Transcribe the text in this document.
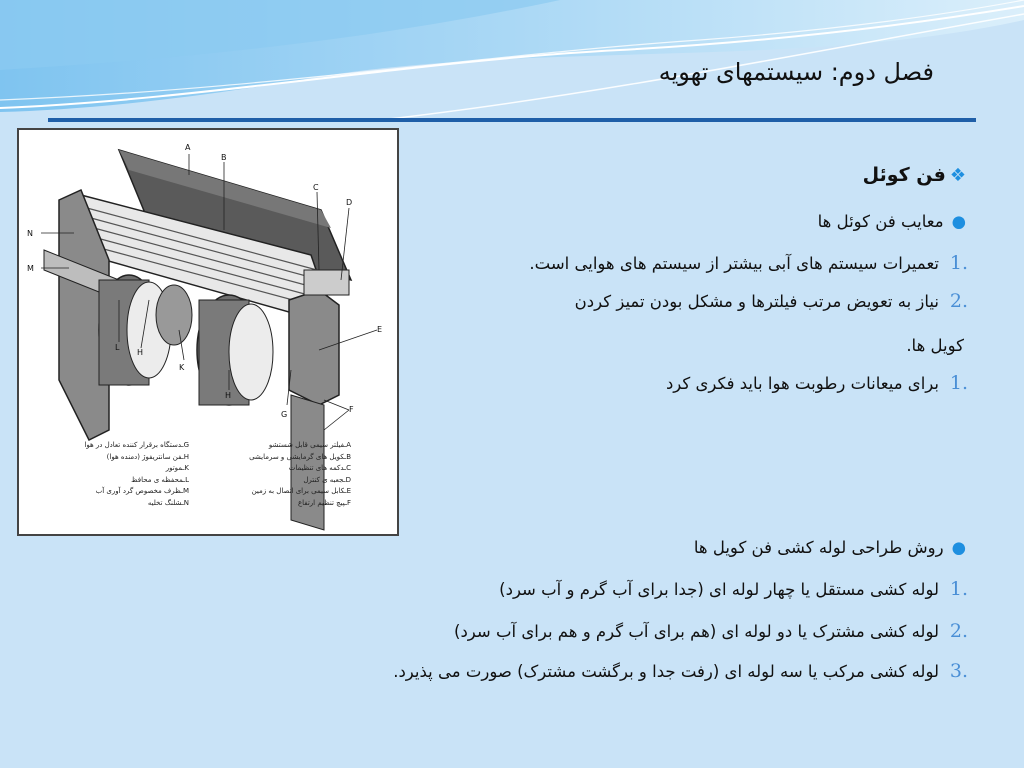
فصل دوم: سیستمهای تهویه
A
B
C
D
E
F
G
H
H
K
L
M
N
Gـدستگاه برقرار کننده تعادل در هوا
Hـفن سانتریفوژ (دمنده هوا)
Kـموتور
Lـمحفظه ی محافظ
Mـظرف مخصوص گرد آوری آب
Nـشلنگ تخلیه
Aـفیلتر سیمی قابل شستشو
Bـکویل های گرمایشی و سرمایشی
Cـدکمه های تنظیمات
Dـجعبه ی کنترل
Eـکابل سیمی برای اتصال به زمین
Fـپیچ تنظیم ارتفاع
❖فن کوئل
●معایب فن کوئل ها
1.
تعمیرات سیستم های آبی بیشتر از سیستم های هوایی است.
2.
نیاز به تعویض مرتب فیلترها و مشکل بودن تمیز کردن
کویل ها.
1.
برای میعانات رطوبت هوا باید فکری کرد
●روش طراحی لوله کشی فن کویل ها
1.
لوله کشی مستقل یا چهار لوله ای (جدا برای آب گرم و آب سرد)
2.
لوله کشی مشترک یا دو لوله ای (هم برای آب گرم و هم برای آب سرد)
3.
لوله کشی مرکب یا سه لوله ای (رفت جدا و برگشت مشترک) صورت می پذیرد.
